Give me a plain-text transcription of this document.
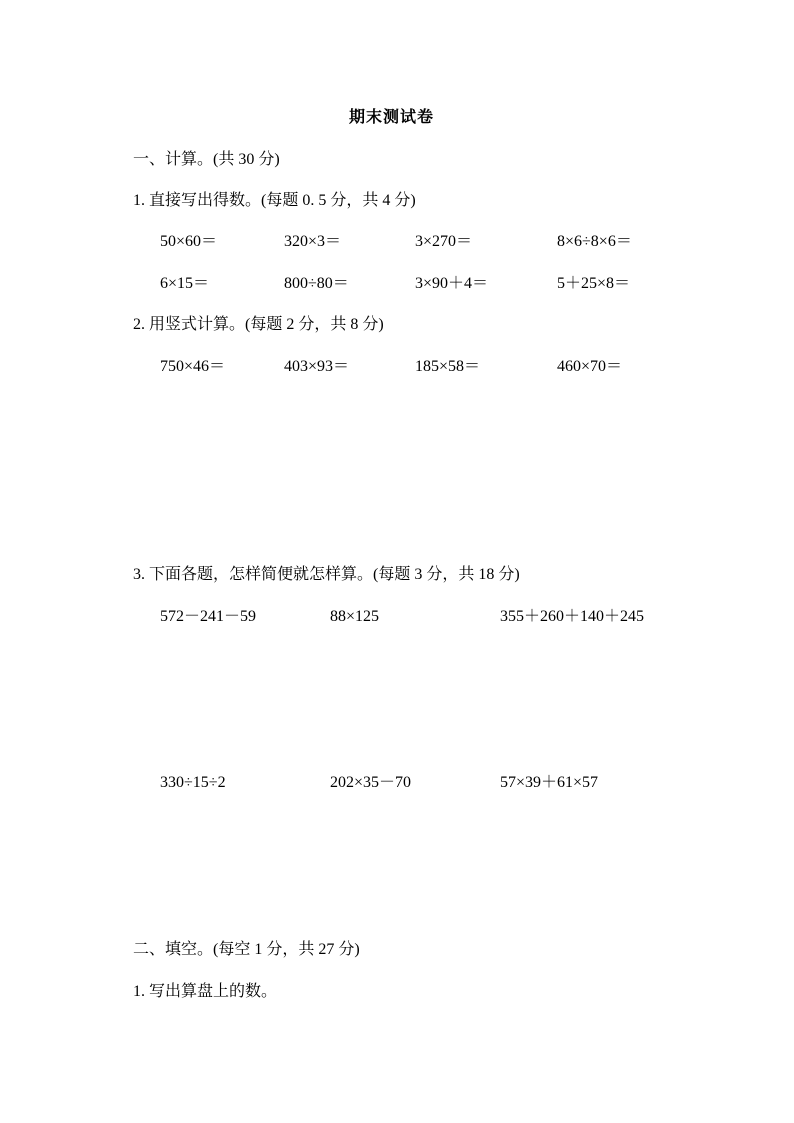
期末测试卷
一、计算。(共 30 分)
1. 直接写出得数。(每题 0. 5 分，共 4 分)
50×60＝	320×3＝	3×270＝	8×6÷8×6＝
6×15＝	800÷80＝	3×90＋4＝	5＋25×8＝
2. 用竖式计算。(每题 2 分，共 8 分)
750×46＝	403×93＝	185×58＝	460×70＝
3. 下面各题，怎样简便就怎样算。(每题 3 分，共 18 分)
572－241－59	88×125	355＋260＋140＋245
330÷15÷2	202×35－70	57×39＋61×57
二、填空。(每空 1 分，共 27 分)
1. 写出算盘上的数。
